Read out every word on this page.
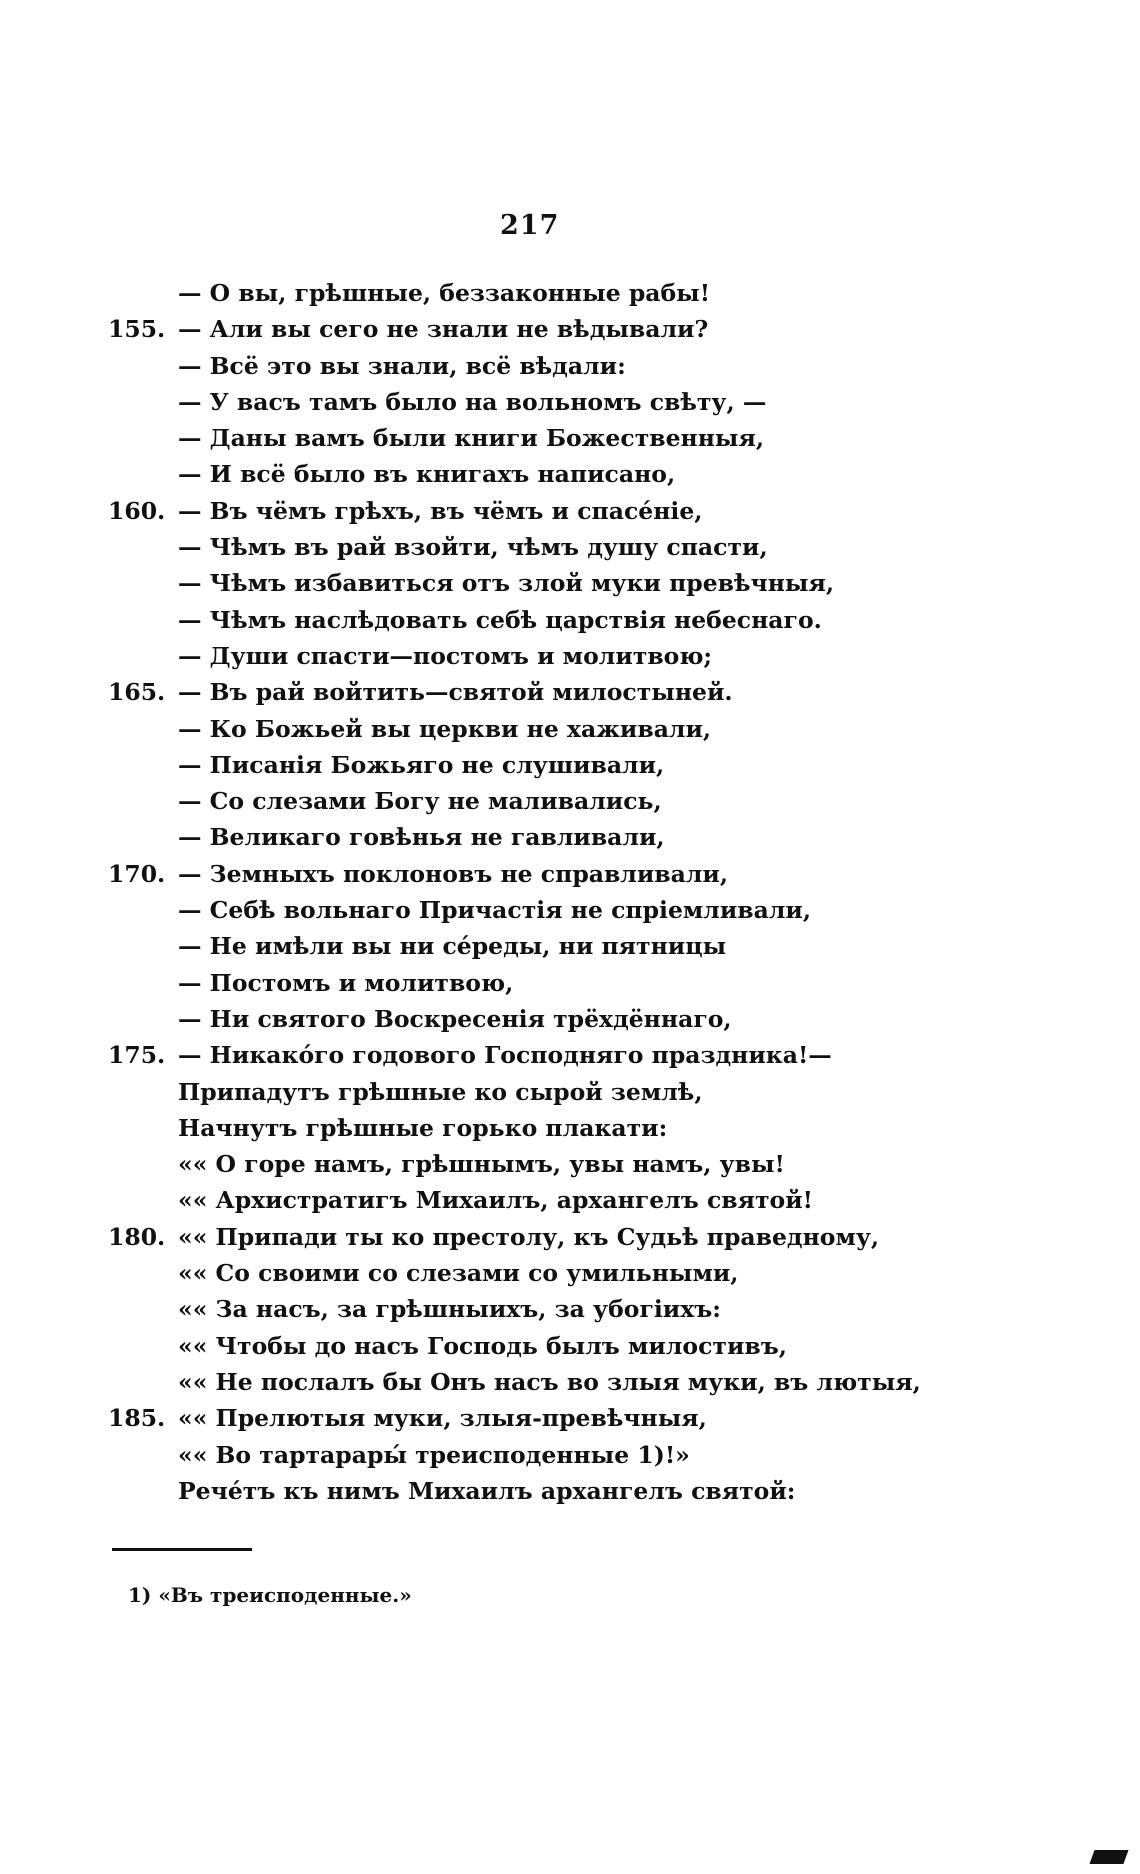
217
— О вы, грѣшные, беззаконные рабы!
155. — Али вы сего не знали не вѣдывали?
— Всё это вы знали, всё вѣдали:
— У васъ тамъ было на вольномъ свѣту, —
— Даны вамъ были книги Божественныя,
— И всё было въ книгахъ написано,
160. — Въ чёмъ грѣхъ, въ чёмъ и спасе́ніе,
— Чѣмъ въ рай взойти, чѣмъ душу спасти,
— Чѣмъ избавиться отъ злой муки превѣчныя,
— Чѣмъ наслѣдовать себѣ царствія небеснаго.
— Души спасти—постомъ и молитвою;
165. — Въ рай войтить—святой милостыней.
— Ко Божьей вы церкви не хаживали,
— Писанія Божьяго не слушивали,
— Со слезами Богу не маливались,
— Великаго говѣнья не гавливали,
170. — Земныхъ поклоновъ не справливали,
— Себѣ вольнаго Причастія не спріемливали,
— Не имѣли вы ни сéреды, ни пятницы
— Постомъ и молитвою,
— Ни святого Воскресенія трёхдённаго,
175. — Никакóго годового Господняго праздника!—
Припадутъ грѣшные ко сырой землѣ,
Начнутъ грѣшные горько плакати:
«« О горе намъ, грѣшнымъ, увы намъ, увы!
«« Архистратигъ Михаилъ, архангелъ святой!
180. «« Припади ты ко престолу, къ Судьѣ праведному,
«« Со своими со слезами со умильными,
«« За насъ, за грѣшныихъ, за убогіихъ:
«« Чтобы до насъ Господь былъ милостивъ,
«« Не послалъ бы Онъ насъ во злыя муки, въ лютыя,
185. «« Прелютыя муки, злыя-превѣчныя,
«« Во тартарары́ треисподенные 1)!»
Речéтъ къ нимъ Михаилъ архангелъ святой:
1) «Въ треисподенные.»
